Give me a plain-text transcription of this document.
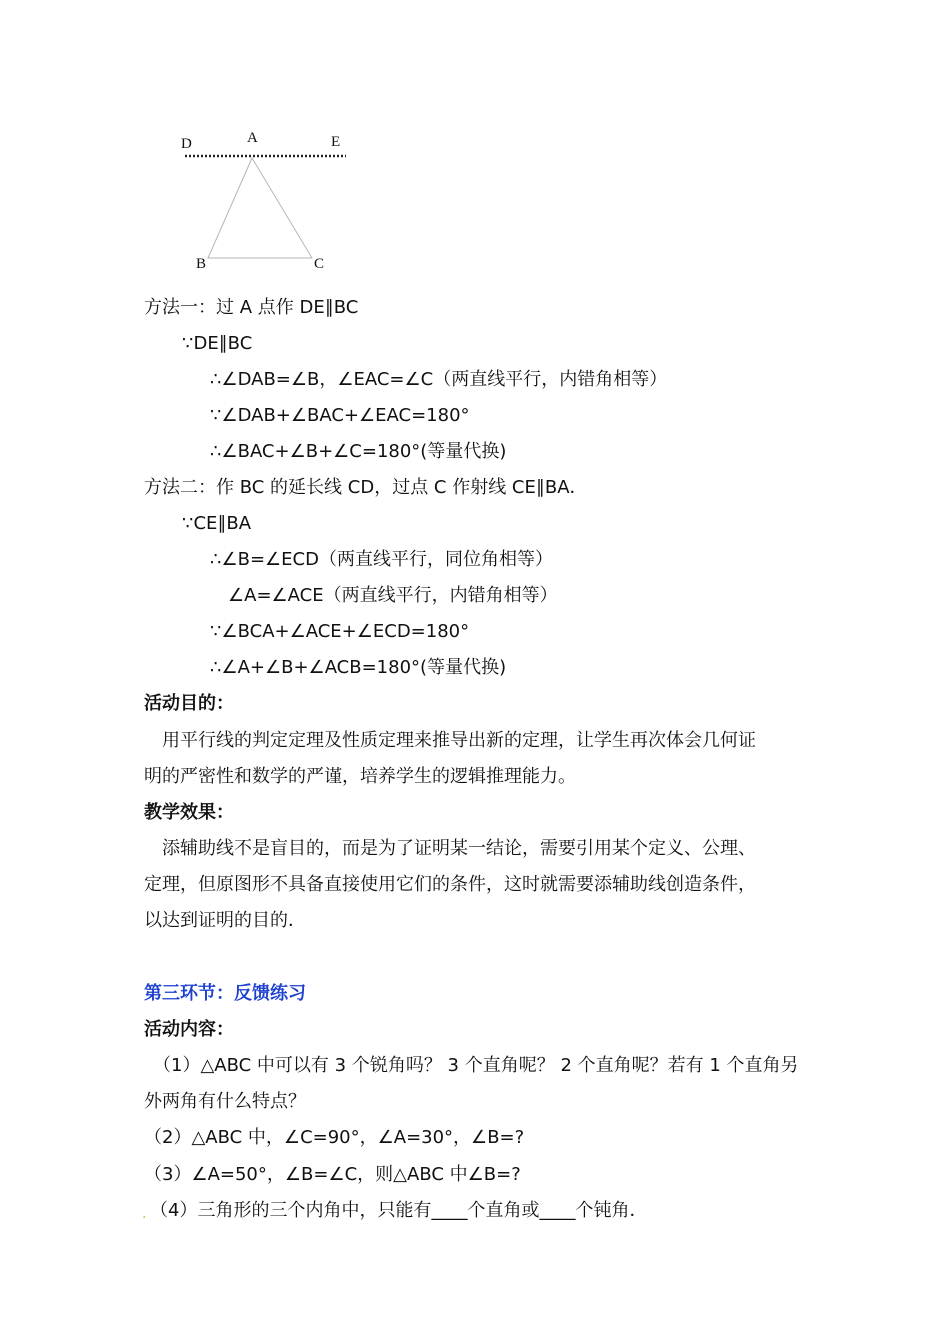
D	A	E
B	C
方法一：过 A 点作 DE∥BC
∵DE∥BC
∴∠DAB=∠B，∠EAC=∠C（两直线平行，内错角相等）
∵∠DAB+∠BAC+∠EAC=180°
∴∠BAC+∠B+∠C=180°(等量代换)
方法二：作 BC 的延长线 CD，过点 C 作射线 CE∥BA．
∵CE∥BA
∴∠B=∠ECD（两直线平行，同位角相等）
∠A=∠ACE（两直线平行，内错角相等）
∵∠BCA+∠ACE+∠ECD=180°
∴∠A+∠B+∠ACB=180°(等量代换)
活动目的：
用平行线的判定定理及性质定理来推导出新的定理，让学生再次体会几何证
明的严密性和数学的严谨，培养学生的逻辑推理能力。
教学效果：
添辅助线不是盲目的，而是为了证明某一结论，需要引用某个定义、公理、
定理，但原图形不具备直接使用它们的条件，这时就需要添辅助线创造条件，
以达到证明的目的．
第三环节：反馈练习
活动内容：
（1）△ABC 中可以有 3 个锐角吗？ 3 个直角呢？ 2 个直角呢？若有 1 个直角另
外两角有什么特点？
（2）△ABC 中，∠C=90°，∠A=30°，∠B=?
（3）∠A=50°，∠B=∠C，则△ABC 中∠B=?
. （4）三角形的三个内角中，只能有____个直角或____个钝角．
